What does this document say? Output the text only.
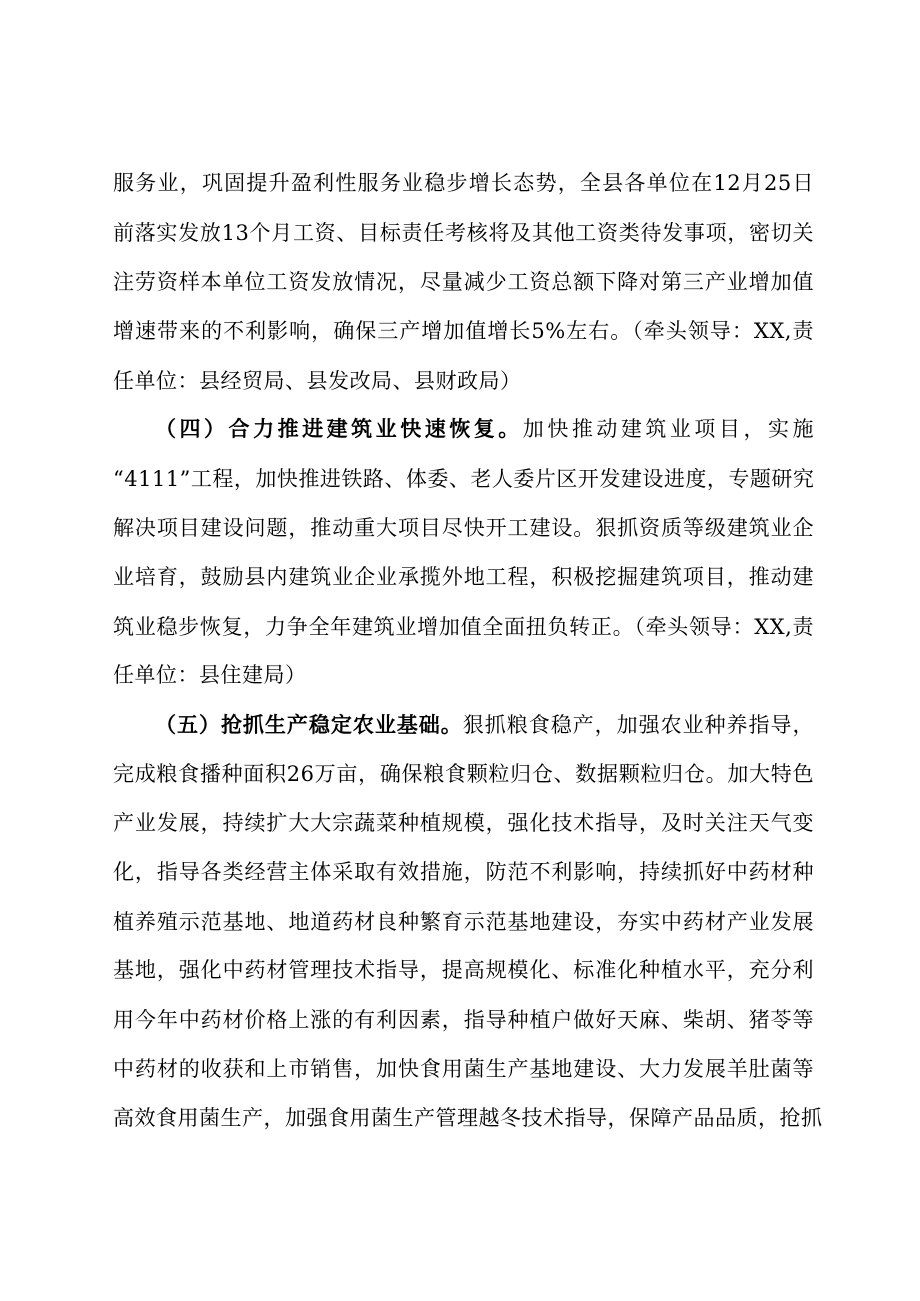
服务业，巩固提升盈利性服务业稳步增长态势，全县各单位在12月25日
前落实发放13个月工资、目标责任考核将及其他工资类待发事项，密切关
注劳资样本单位工资发放情况，尽量减少工资总额下降对第三产业增加值
增速带来的不利影响，确保三产增加值增长5%左右。（牵头领导：XX,责
任单位：县经贸局、县发改局、县财政局）
（四）合力推进建筑业快速恢复。加快推动建筑业项目，实施
“4111”工程，加快推进铁路、体委、老人委片区开发建设进度，专题研究
解决项目建设问题，推动重大项目尽快开工建设。狠抓资质等级建筑业企
业培育，鼓励县内建筑业企业承揽外地工程，积极挖掘建筑项目，推动建
筑业稳步恢复，力争全年建筑业增加值全面扭负转正。（牵头领导：XX,责
任单位：县住建局）
（五）抢抓生产稳定农业基础。狠抓粮食稳产，加强农业种养指导，
完成粮食播种面积26万亩，确保粮食颗粒归仓、数据颗粒归仓。加大特色
产业发展，持续扩大大宗蔬菜种植规模，强化技术指导，及时关注天气变
化，指导各类经营主体采取有效措施，防范不利影响，持续抓好中药材种
植养殖示范基地、地道药材良种繁育示范基地建设，夯实中药材产业发展
基地，强化中药材管理技术指导，提高规模化、标准化种植水平，充分利
用今年中药材价格上涨的有利因素，指导种植户做好天麻、柴胡、猪苓等
中药材的收获和上市销售，加快食用菌生产基地建设、大力发展羊肚菌等
高效食用菌生产，加强食用菌生产管理越冬技术指导，保障产品品质，抢抓
